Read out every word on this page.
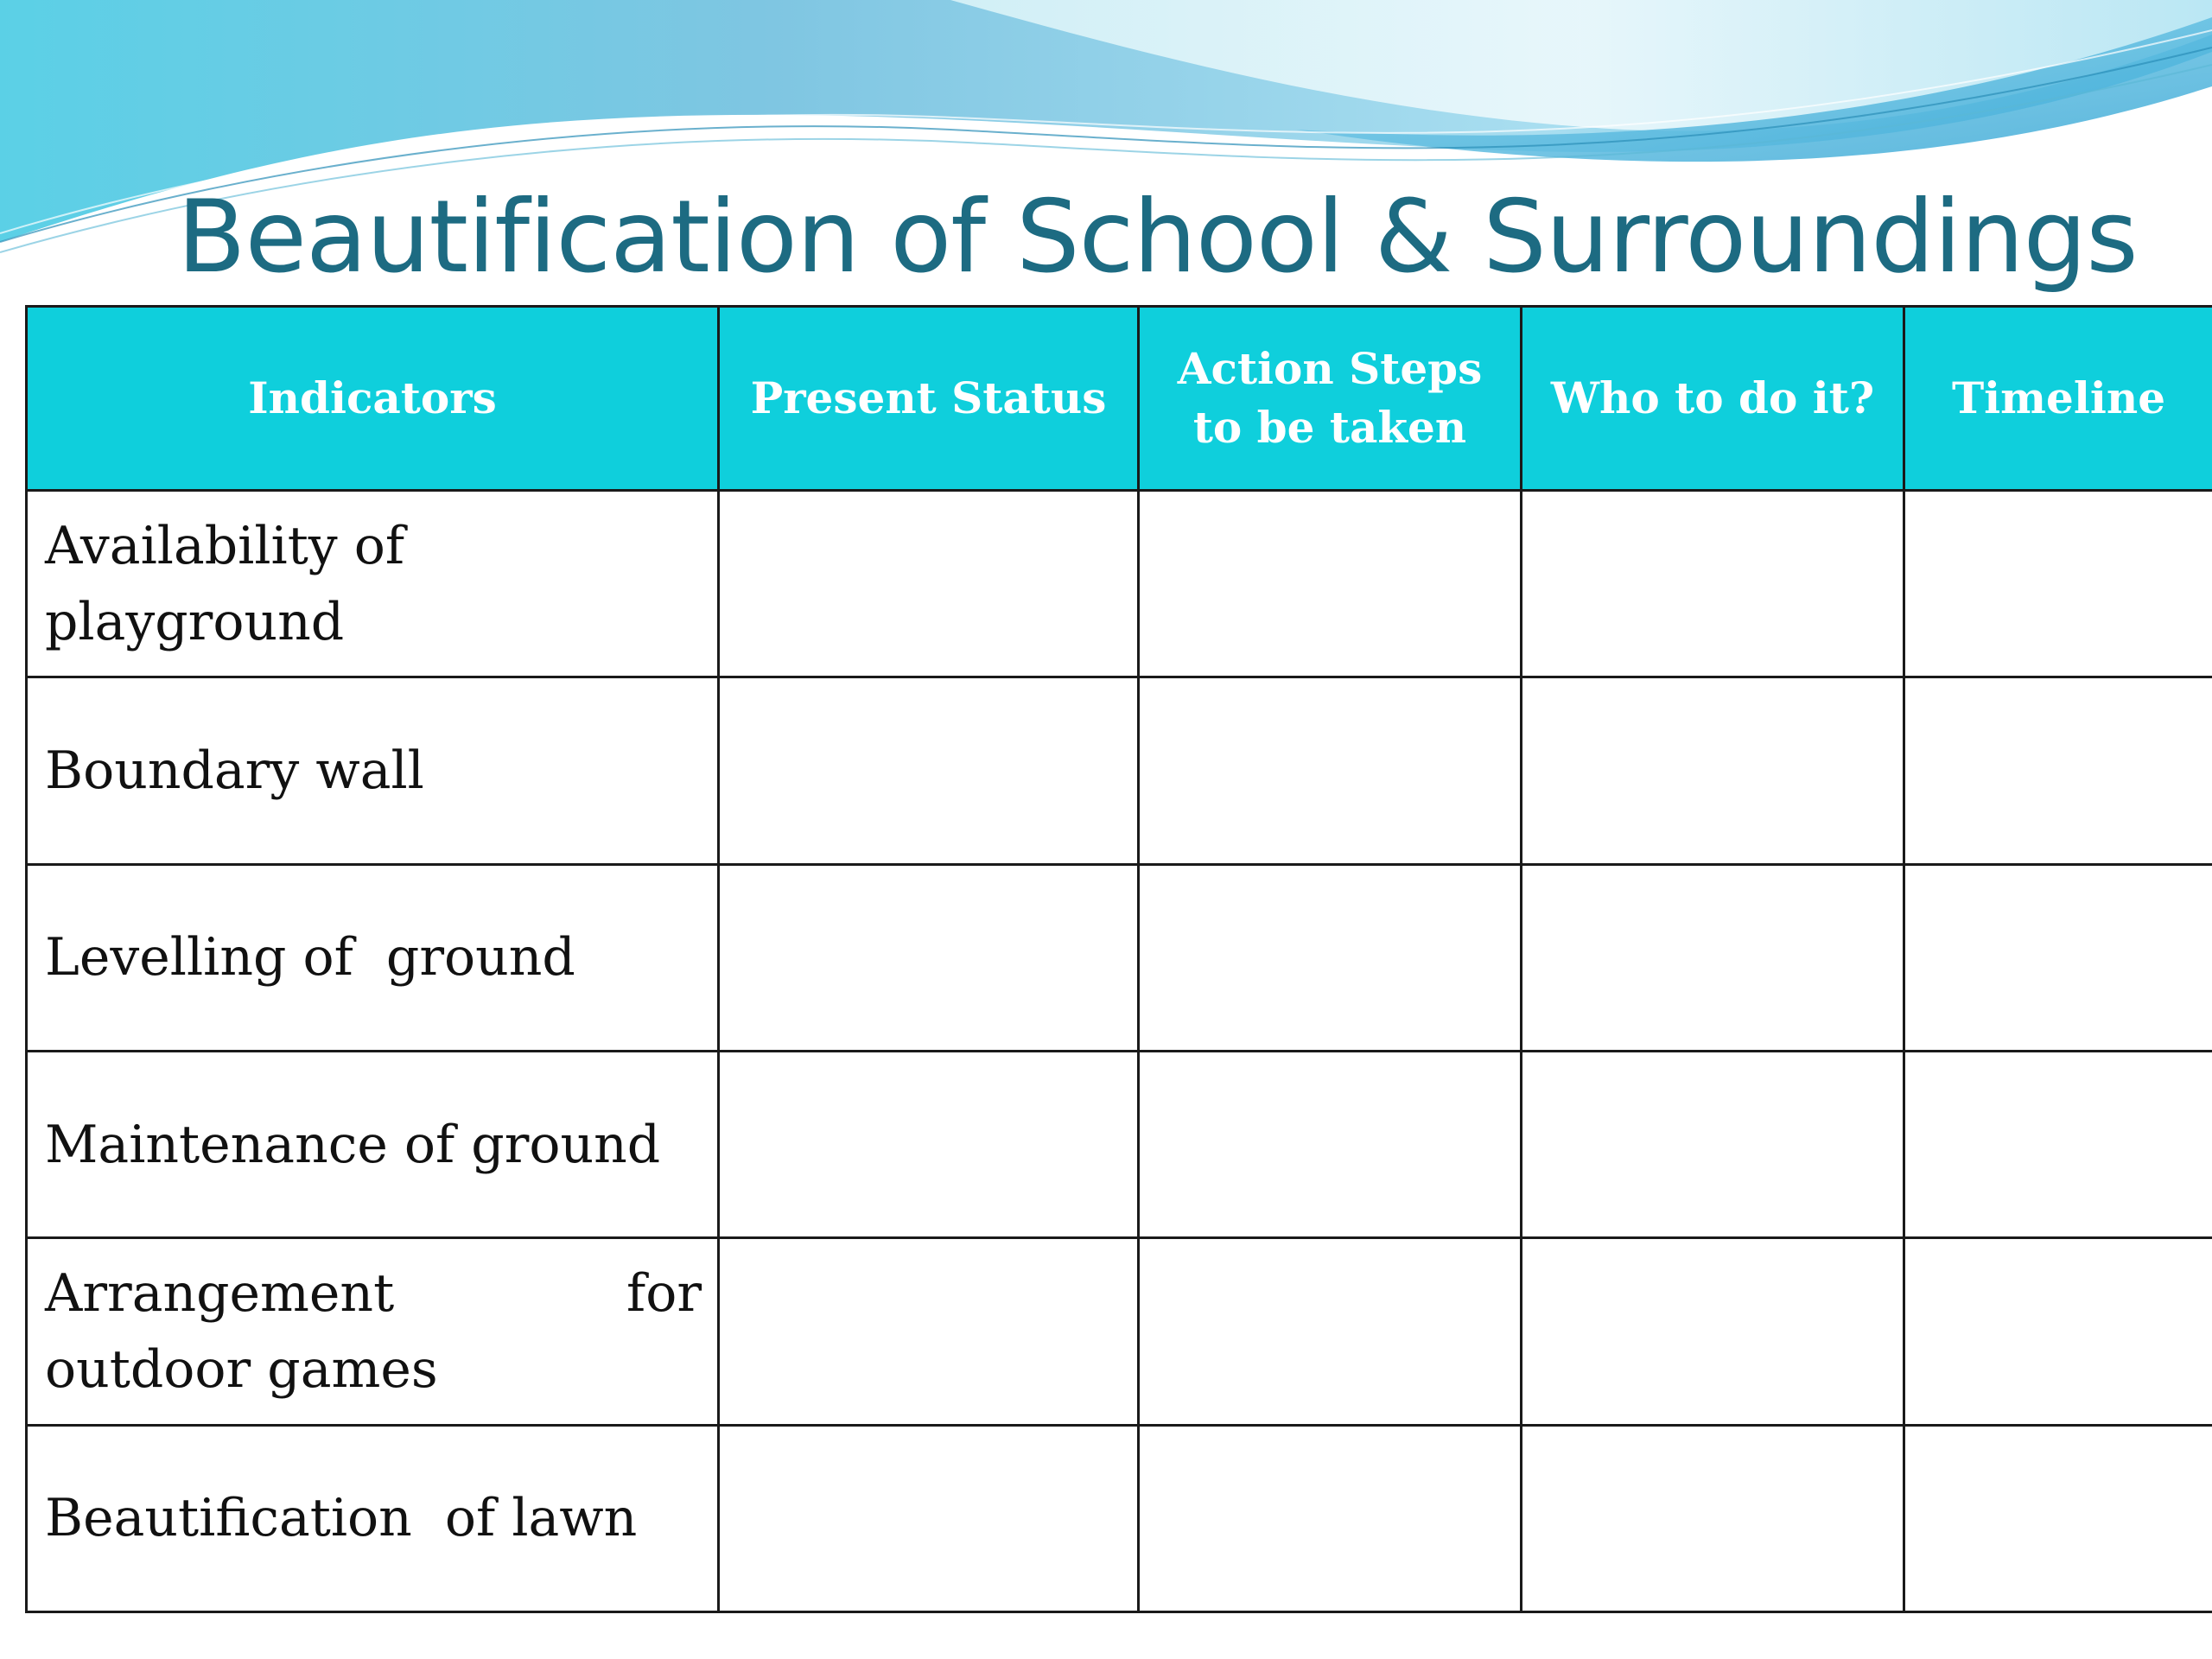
Beautification of School & Surroundings
Indicators	Present Status	Action Steps to be taken	Who to do it?	Timeline
Availability of playground				
Boundary wall				
Levelling of  ground				
Maintenance of ground				
Arrangement for outdoor games				
Beautification  of lawn				
